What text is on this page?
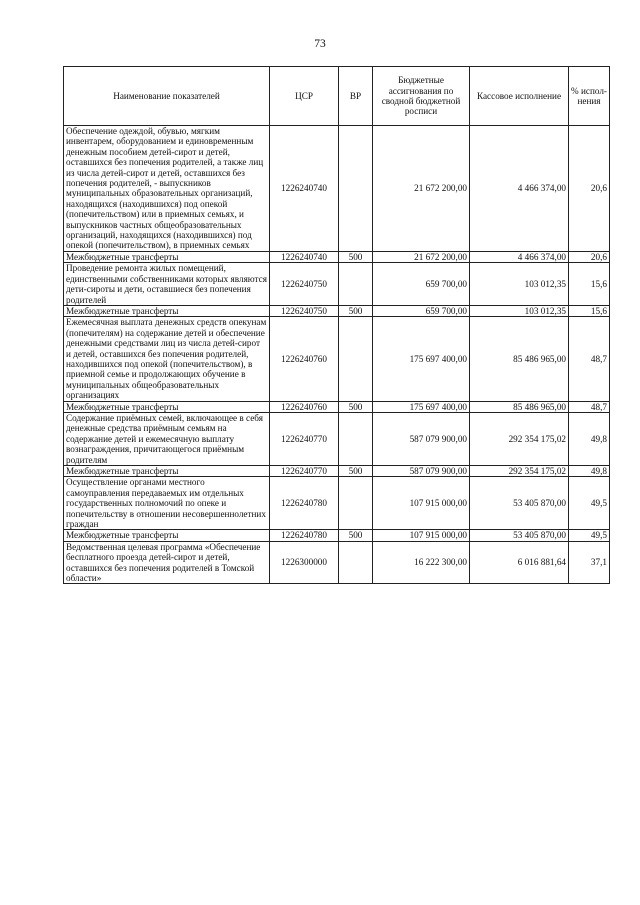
73
Наименование показателей	ЦСР	ВР	Бюджетные ассигнования по сводной бюджетной росписи	Кассовое исполнение	% испол-нения
Обеспечение одеждой, обувью, мягким инвентарем, оборудованием и единовременным денежным пособием детей-сирот и детей, оставшихся без попечения родителей, а также лиц из числа детей-сирот и детей, оставшихся без попечения родителей, - выпускников муниципальных образовательных организаций, находящихся (находившихся) под опекой (попечительством) или в приемных семьях, и выпускников частных общеобразовательных организаций, находящихся (находившихся) под опекой (попечительством), в приемных семьях	1226240740		21 672 200,00	4 466 374,00	20,6
Межбюджетные трансферты	1226240740	500	21 672 200,00	4 466 374,00	20,6
Проведение ремонта жилых помещений, единственными собственниками которых являются дети-сироты и дети, оставшиеся без попечения родителей	1226240750		659 700,00	103 012,35	15,6
Межбюджетные трансферты	1226240750	500	659 700,00	103 012,35	15,6
Ежемесячная выплата денежных средств опекунам (попечителям) на содержание детей и обеспечение денежными средствами лиц из числа детей-сирот и детей, оставшихся без попечения родителей, находившихся под опекой (попечительством), в приемной семье и продолжающих обучение в муниципальных общеобразовательных организациях	1226240760		175 697 400,00	85 486 965,00	48,7
Межбюджетные трансферты	1226240760	500	175 697 400,00	85 486 965,00	48,7
Содержание приёмных семей, включающее в себя денежные средства приёмным семьям на содержание детей и ежемесячную выплату вознаграждения, причитающегося приёмным родителям	1226240770		587 079 900,00	292 354 175,02	49,8
Межбюджетные трансферты	1226240770	500	587 079 900,00	292 354 175,02	49,8
Осуществление органами местного самоуправления передаваемых им отдельных государственных полномочий по опеке и попечительству в отношении несовершеннолетних граждан	1226240780		107 915 000,00	53 405 870,00	49,5
Межбюджетные трансферты	1226240780	500	107 915 000,00	53 405 870,00	49,5
Ведомственная целевая программа «Обеспечение бесплатного проезда детей-сирот и детей, оставшихся без попечения родителей в Томской области»	1226300000		16 222 300,00	6 016 881,64	37,1
